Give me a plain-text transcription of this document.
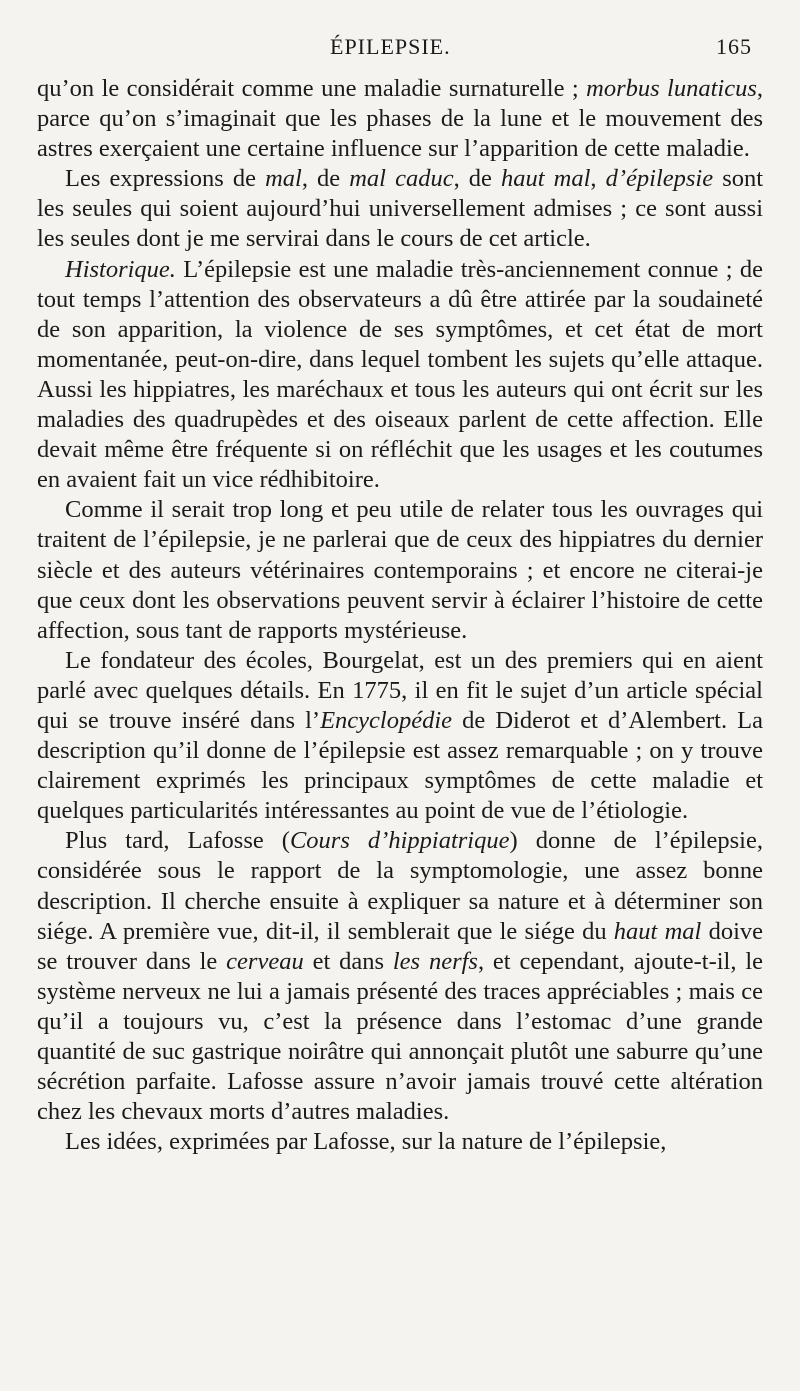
ÉPILEPSIE.	165

qu’on le considérait comme une maladie surnaturelle ; morbus lunaticus, parce qu’on s’imaginait que les phases de la lune et le mouvement des astres exerçaient une certaine influence sur l’apparition de cette maladie.

Les expressions de mal, de mal caduc, de haut mal, d’épilepsie sont les seules qui soient aujourd’hui universellement admises ; ce sont aussi les seules dont je me servirai dans le cours de cet article.

Historique. L’épilepsie est une maladie très-anciennement connue ; de tout temps l’attention des observateurs a dû être attirée par la soudaineté de son apparition, la violence de ses symptômes, et cet état de mort momentanée, peut-on-dire, dans lequel tombent les sujets qu’elle attaque. Aussi les hippiatres, les maréchaux et tous les auteurs qui ont écrit sur les maladies des quadrupèdes et des oiseaux parlent de cette affection. Elle devait même être fréquente si on réfléchit que les usages et les coutumes en avaient fait un vice rédhibitoire.

Comme il serait trop long et peu utile de relater tous les ouvrages qui traitent de l’épilepsie, je ne parlerai que de ceux des hippiatres du dernier siècle et des auteurs vétérinaires contemporains ; et encore ne citerai-je que ceux dont les observations peuvent servir à éclairer l’histoire de cette affection, sous tant de rapports mystérieuse.

Le fondateur des écoles, Bourgelat, est un des premiers qui en aient parlé avec quelques détails. En 1775, il en fit le sujet d’un article spécial qui se trouve inséré dans l’Encyclopédie de Diderot et d’Alembert. La description qu’il donne de l’épilepsie est assez remarquable ; on y trouve clairement exprimés les principaux symptômes de cette maladie et quelques particularités intéressantes au point de vue de l’étiologie.

Plus tard, Lafosse (Cours d’hippiatrique) donne de l’épilepsie, considérée sous le rapport de la symptomologie, une assez bonne description. Il cherche ensuite à expliquer sa nature et à déterminer son siége. A première vue, dit-il, il semblerait que le siége du haut mal doive se trouver dans le cerveau et dans les nerfs, et cependant, ajoute-t-il, le système nerveux ne lui a jamais présenté des traces appréciables ; mais ce qu’il a toujours vu, c’est la présence dans l’estomac d’une grande quantité de suc gastrique noirâtre qui annonçait plutôt une saburre qu’une sécrétion parfaite. Lafosse assure n’avoir jamais trouvé cette altération chez les chevaux morts d’autres maladies.

Les idées, exprimées par Lafosse, sur la nature de l’épilepsie,
